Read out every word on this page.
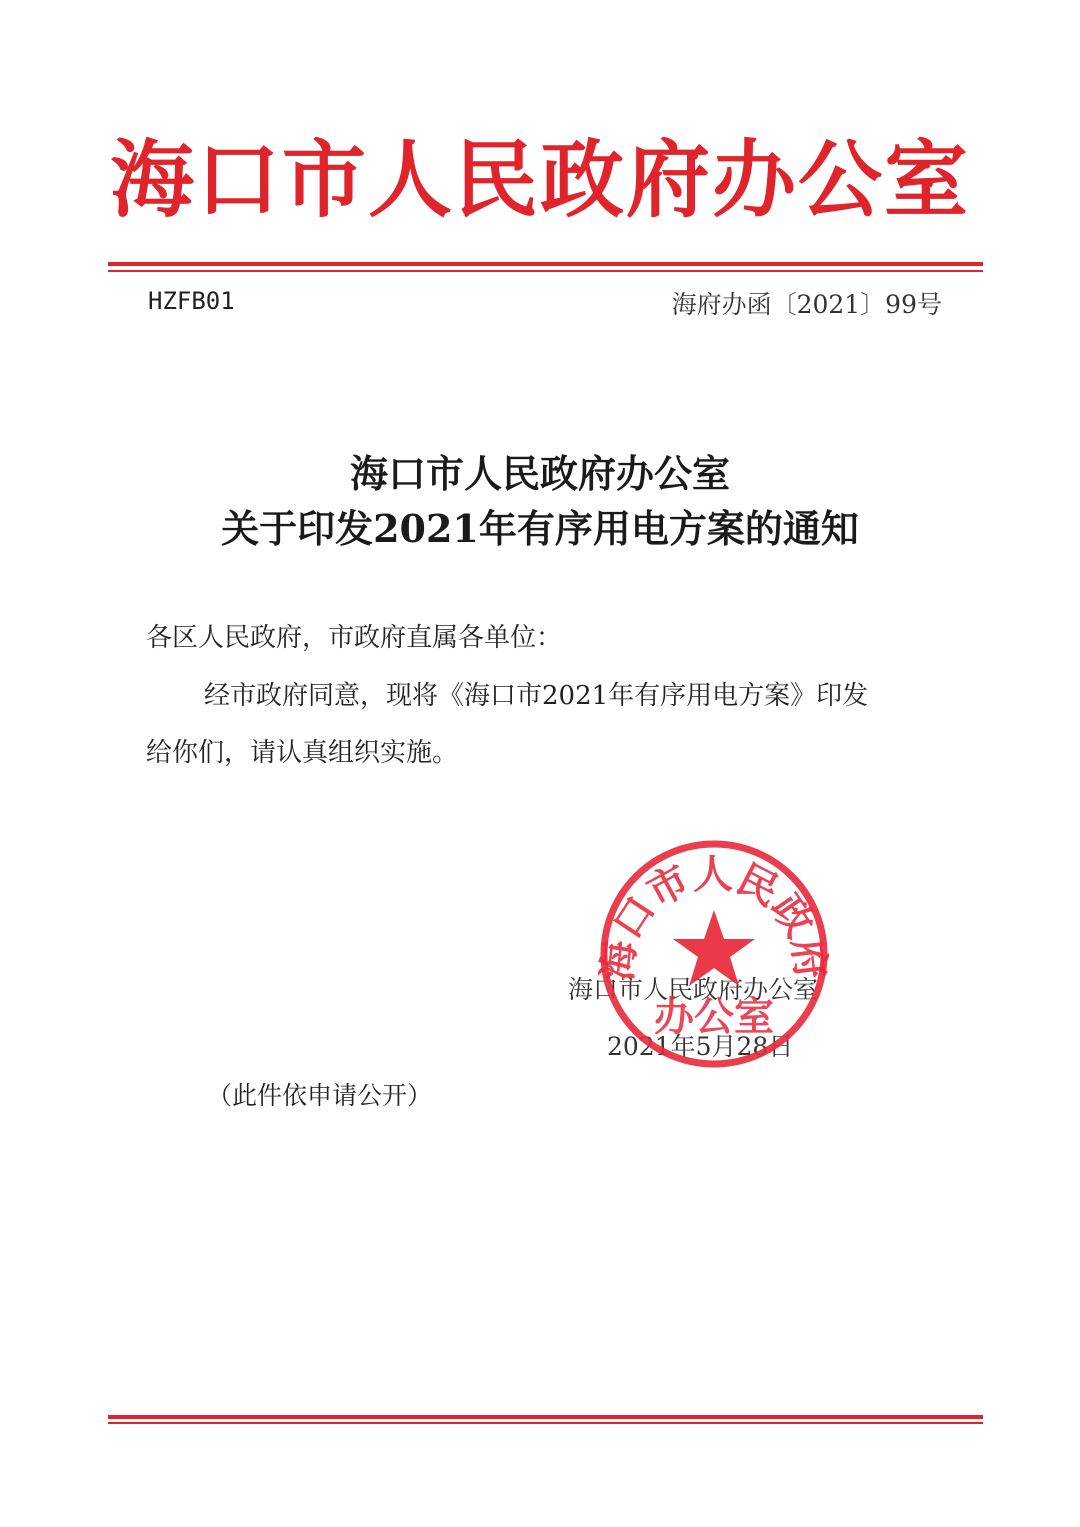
海口市人民政府办公室
HZFB01	海府办函〔2021〕99号
海口市人民政府办公室
关于印发2021年有序用电方案的通知
各区人民政府，市政府直属各单位：
经市政府同意，现将《海口市2021年有序用电方案》印发
给你们，请认真组织实施。
海口市人民政府办公室
2021年5月28日
海口市人民政府
办公室
（此件依申请公开）
